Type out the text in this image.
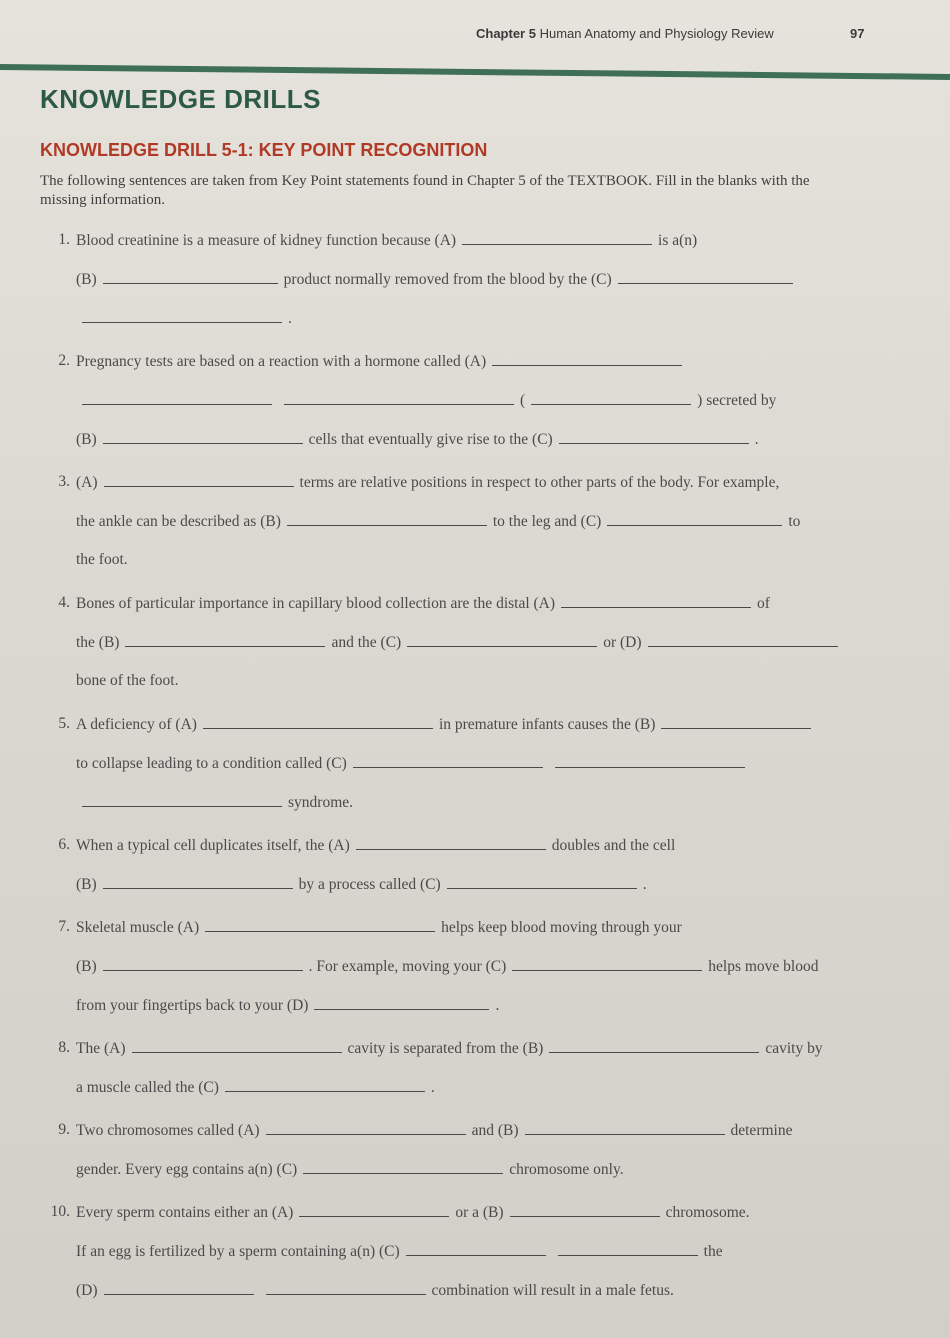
Chapter 5 Human Anatomy and Physiology Review	97
KNOWLEDGE DRILLS
KNOWLEDGE DRILL 5-1: KEY POINT RECOGNITION
The following sentences are taken from Key Point statements found in Chapter 5 of the TEXTBOOK. Fill in the blanks with the missing information.
1. Blood creatinine is a measure of kidney function because (A)	is a(n)
(B)	product normally removed from the blood by the (C)
.
2. Pregnancy tests are based on a reaction with a hormone called (A)
(	) secreted by
(B)	cells that eventually give rise to the (C)	.
3. (A)	terms are relative positions in respect to other parts of the body. For example,
the ankle can be described as (B)	to the leg and (C)	to
the foot.
4. Bones of particular importance in capillary blood collection are the distal (A)	of
the (B)	and the (C)	or (D)
bone of the foot.
5. A deficiency of (A)	in premature infants causes the (B)
to collapse leading to a condition called (C)
syndrome.
6. When a typical cell duplicates itself, the (A)	doubles and the cell
(B)	by a process called (C)	.
7. Skeletal muscle (A)	helps keep blood moving through your
(B)	. For example, moving your (C)	helps move blood
from your fingertips back to your (D)	.
8. The (A)	cavity is separated from the (B)	cavity by
a muscle called the (C)	.
9. Two chromosomes called (A)	and (B)	determine
gender. Every egg contains a(n) (C)	chromosome only.
10. Every sperm contains either an (A)	or a (B)	chromosome.
If an egg is fertilized by a sperm containing a(n) (C)	the
(D)	combination will result in a male fetus.
